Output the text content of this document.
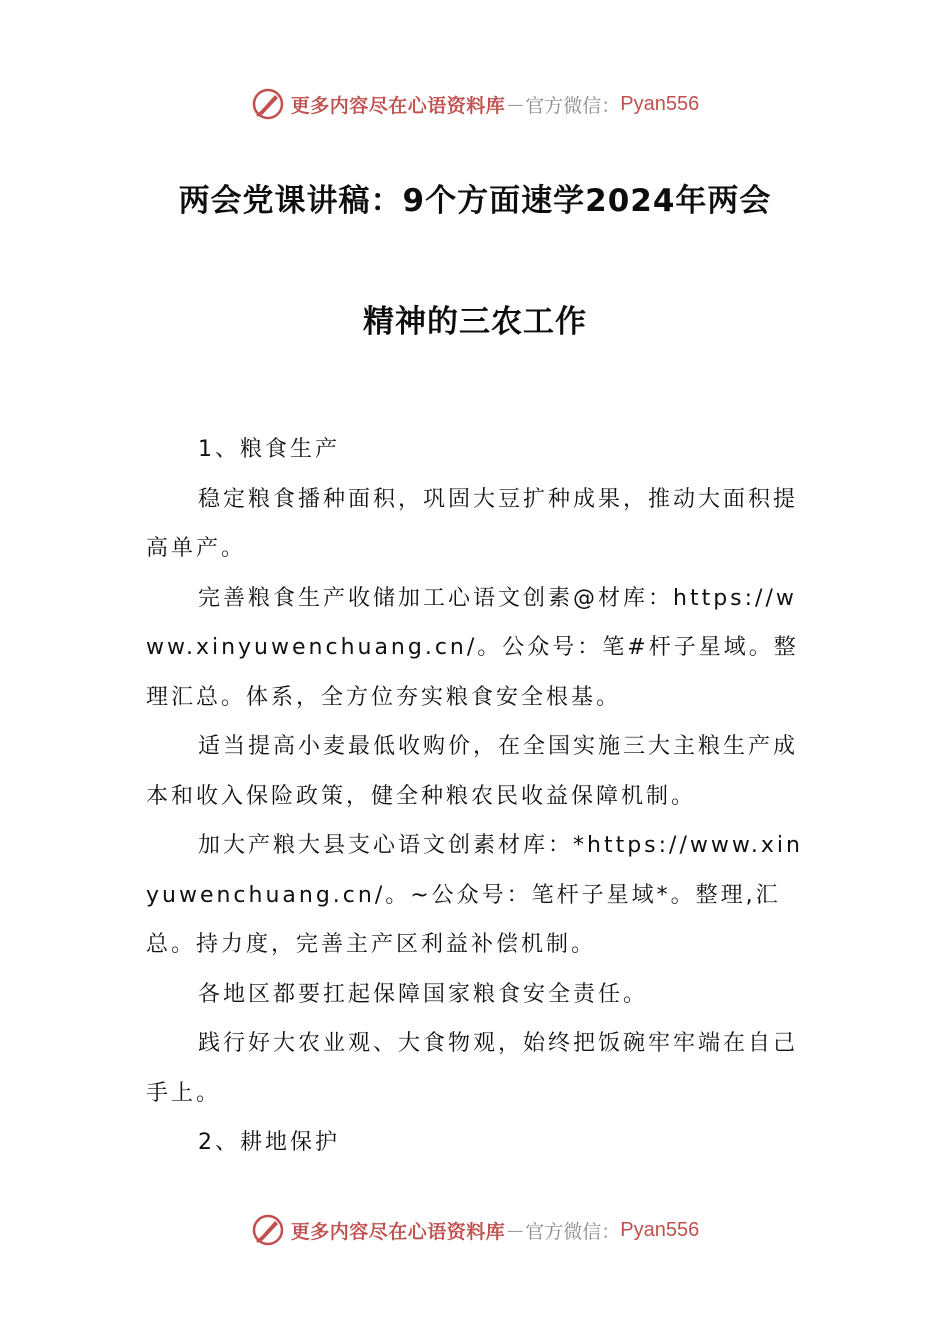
更多内容尽在心语资料库 — 官方微信： Pyan556
两会党课讲稿：9个方面速学2024年两会
精神的三农工作

1、粮食生产

稳定粮食播种面积，巩固大豆扩种成果，推动大面积提高单产。

完善粮食生产收储加工心语文创素@材库：https://www.xinyuwenchuang.cn/。公众号：笔#杆子星域。整理汇总。体系，全方位夯实粮食安全根基。

适当提高小麦最低收购价，在全国实施三大主粮生产成本和收入保险政策，健全种粮农民收益保障机制。

加大产粮大县支心语文创素材库：*https://www.xinyuwenchuang.cn/。~公众号：笔杆子星域*。整理,汇总。持力度，完善主产区利益补偿机制。

各地区都要扛起保障国家粮食安全责任。

践行好大农业观、大食物观，始终把饭碗牢牢端在自己手上。

2、耕地保护

更多内容尽在心语资料库 — 官方微信： Pyan556
